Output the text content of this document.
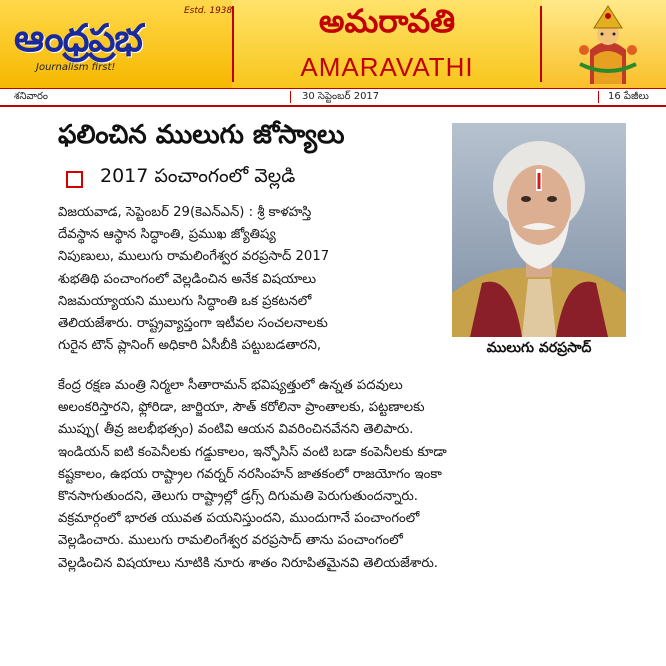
ఆంధ్రప్రభ
Estd. 1938
Journalism first!
అమరావతి
AMARAVATHI
శనివారం	30 సెప్టెంబర్ 2017	16 పేజీలు
ఫలించిన ములుగు జోస్యాలు
2017 పంచాంగంలో వెల్లడి
విజయవాడ, సెప్టెంబర్ 29(కెఎన్ఎన్) : శ్రీ కాళహస్తి
దేవస్థాన ఆస్థాన సిద్ధాంతి, ప్రముఖ జ్యోతిష్య
నిపుణులు, ములుగు రామలింగేశ్వర వరప్రసాద్ 2017
శుభతిథి పంచాంగంలో వెల్లడించిన అనేక విషయాలు
నిజమయ్యాయని ములుగు సిద్ధాంతి ఒక ప్రకటనలో
తెలియజేశారు. రాష్ట్రవ్యాప్తంగా ఇటీవల సంచలనాలకు
గురైన టౌన్ ప్లానింగ్ అధికారి ఏసీబీకి పట్టుబడతారని,
కేంద్ర రక్షణ మంత్రి నిర్మలా సీతారామన్ భవిష్యత్తులో ఉన్నత పదవులు
అలంకరిస్తారని, ఫ్లోరిడా, జార్జియా, సౌత్ కరోలినా ప్రాంతాలకు, పట్టణాలకు
ముప్పు( తీవ్ర జలభీభత్సం) వంటివి ఆయన వివరించినవేనని తెలిపారు.
ఇండియన్ ఐటి కంపెనీలకు గడ్డుకాలం, ఇన్ఫోసిస్ వంటి బడా కంపెనీలకు కూడా
కష్టకాలం, ఉభయ రాష్ట్రాల గవర్నర్ నరసింహన్ జాతకంలో రాజయోగం ఇంకా
కొనసాగుతుందని, తెలుగు రాష్ట్రాల్లో డ్రగ్స్ దిగుమతి పెరుగుతుందన్నారు.
వక్రమార్గంలో భారత యువత పయనిస్తుందని, ముందుగానే పంచాంగంలో
వెల్లడించారు. ములుగు రామలింగేశ్వర వరప్రసాద్ తాను పంచాంగంలో
వెల్లడించిన విషయాలు నూటికి నూరు శాతం నిరూపితమైనవి తెలియజేశారు.
ములుగు వరప్రసాద్
